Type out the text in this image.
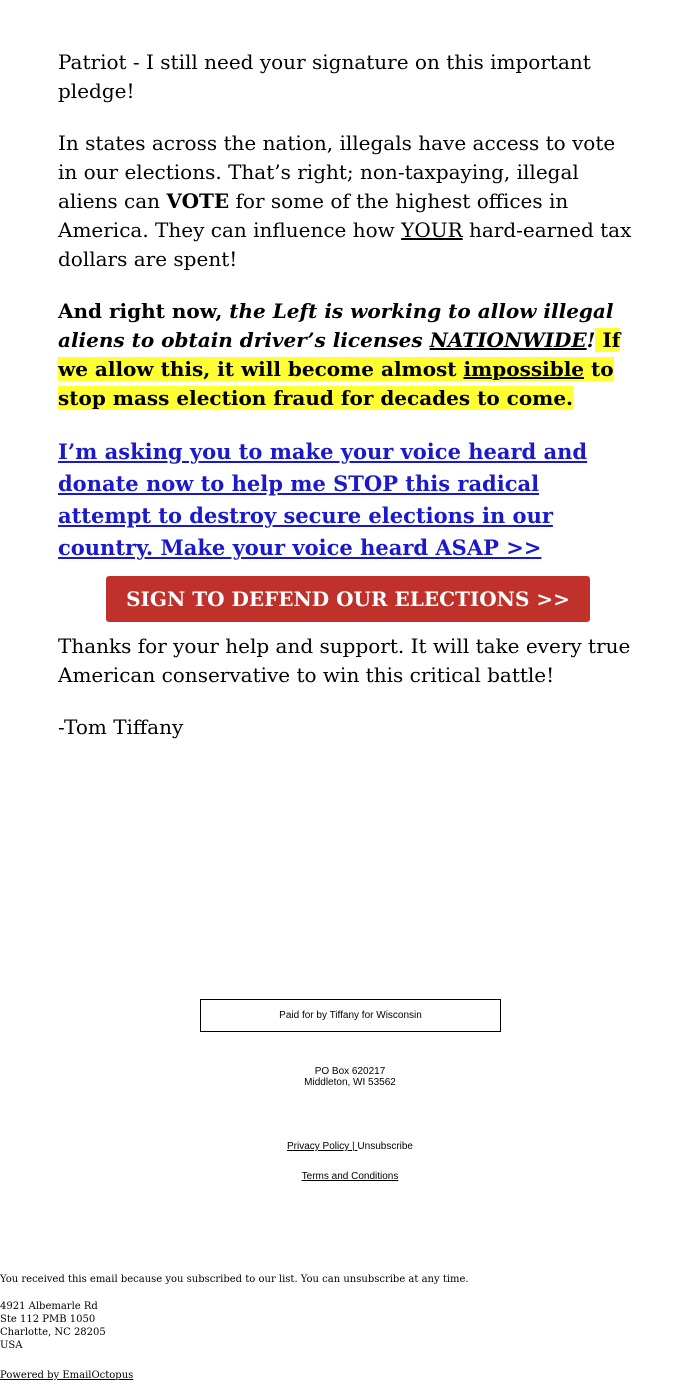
Patriot - I still need your signature on this important pledge!

In states across the nation, illegals have access to vote in our elections. That’s right; non-taxpaying, illegal aliens can VOTE for some of the highest offices in America. They can influence how YOUR hard-earned tax dollars are spent!

And right now, the Left is working to allow illegal aliens to obtain driver’s licenses NATIONWIDE! If we allow this, it will become almost impossible to stop mass election fraud for decades to come.

I’m asking you to make your voice heard and donate now to help me STOP this radical attempt to destroy secure elections in our country. Make your voice heard ASAP >>
SIGN TO DEFEND OUR ELECTIONS >>

Thanks for your help and support. It will take every true American conservative to win this critical battle!

-Tom Tiffany

Paid for by Tiffany for Wisconsin
PO Box 620217
Middleton, WI 53562
Privacy Policy | Unsubscribe
Terms and Conditions
You received this email because you subscribed to our list. You can unsubscribe at any time.
4921 Albemarle Rd
Ste 112 PMB 1050
Charlotte, NC 28205
USA
Powered by EmailOctopus
